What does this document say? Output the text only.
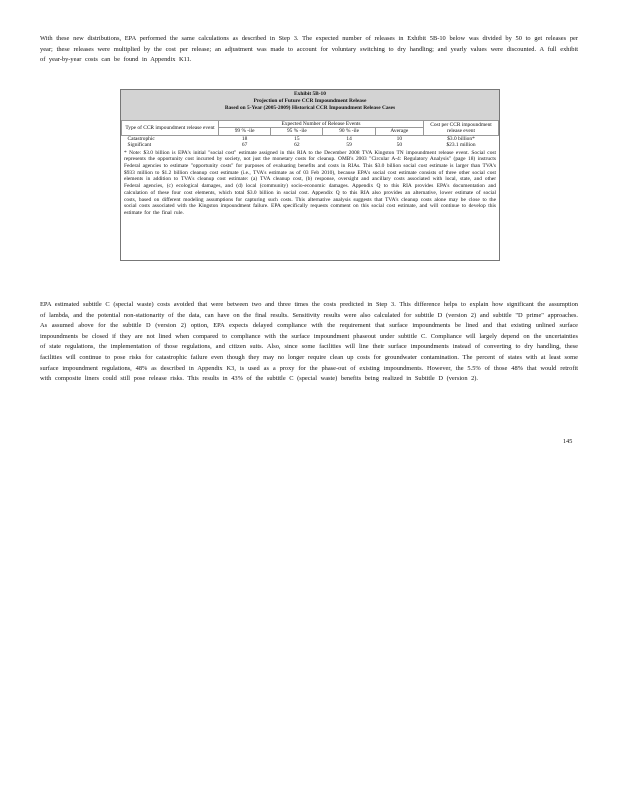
With these new distributions, EPA performed the same calculations as described in Step 3. The expected number of releases in Exhibit 5B-10 below was divided by 50 to get releases per year; these releases were multiplied by the cost per release; an adjustment was made to account for voluntary switching to dry handling; and yearly values were discounted. A full exhibit of year-by-year costs can be found in Appendix K11.

Exhibit 5B-10
Projection of Future CCR Impoundment Release
Based on 5-Year (2005-2009) Historical CCR Impoundment Release Cases
Type of CCR impoundment release event	Expected Number of Release Events				Cost per CCR impoundment release event
	99 % -ile	95 % -ile	90 % -ile	Average	
Catastrophic	18	15	14	10	$3.0 billion*
Significant	67	62	59	50	$23.1 million
* Note: $3.0 billion is EPA's initial "social cost" estimate assigned in this RIA to the December 2008 TVA Kingston TN impoundment release event. Social cost represents the opportunity cost incurred by society, not just the monetary costs for cleanup. OMB's 2003 "Circular A-4: Regulatory Analysis" (page 18) instructs Federal agencies to estimate "opportunity costs" for purposes of evaluating benefits and costs in RIAs. This $3.0 billion social cost estimate is larger than TVA's $933 million to $1.2 billion cleanup cost estimate (i.e., TVA's estimate as of 03 Feb 2010), because EPA's social cost estimate consists of three other social cost elements in addition to TVA's cleanup cost estimate: (a) TVA cleanup cost, (b) response, oversight and ancillary costs associated with local, state, and other Federal agencies, (c) ecological damages, and (d) local (community) socio-economic damages. Appendix Q to this RIA provides EPA's documentation and calculation of these four cost elements, which total $3.0 billion in social cost. Appendix Q to this RIA also provides an alternative, lower estimate of social costs, based on different modeling assumptions for capturing such costs. This alternative analysis suggests that TVA's cleanup costs alone may be close to the social costs associated with the Kingston impoundment failure. EPA specifically requests comment on this social cost estimate, and will continue to develop this estimate for the final rule.

EPA estimated subtitle C (special waste) costs avoided that were between two and three times the costs predicted in Step 3. This difference helps to explain how significant the assumption of lambda, and the potential non-stationarity of the data, can have on the final results. Sensitivity results were also calculated for subtitle D (version 2) and subtitle "D prime" approaches. As assumed above for the subtitle D (version 2) option, EPA expects delayed compliance with the requirement that surface impoundments be lined and that existing unlined surface impoundments be closed if they are not lined when compared to compliance with the surface impoundment phaseout under subtitle C. Compliance will largely depend on the uncertainties of state regulations, the implementation of those regulations, and citizen suits. Also, since some facilities will line their surface impoundments instead of converting to dry handling, these facilities will continue to pose risks for catastrophic failure even though they may no longer require clean up costs for groundwater contamination. The percent of states with at least some surface impoundment regulations, 48% as described in Appendix K3, is used as a proxy for the phase-out of existing impoundments. However, the 5.5% of those 48% that would retrofit with composite liners could still pose release risks. This results in 43% of the subtitle C (special waste) benefits being realized in Subtitle D (version 2).

145
